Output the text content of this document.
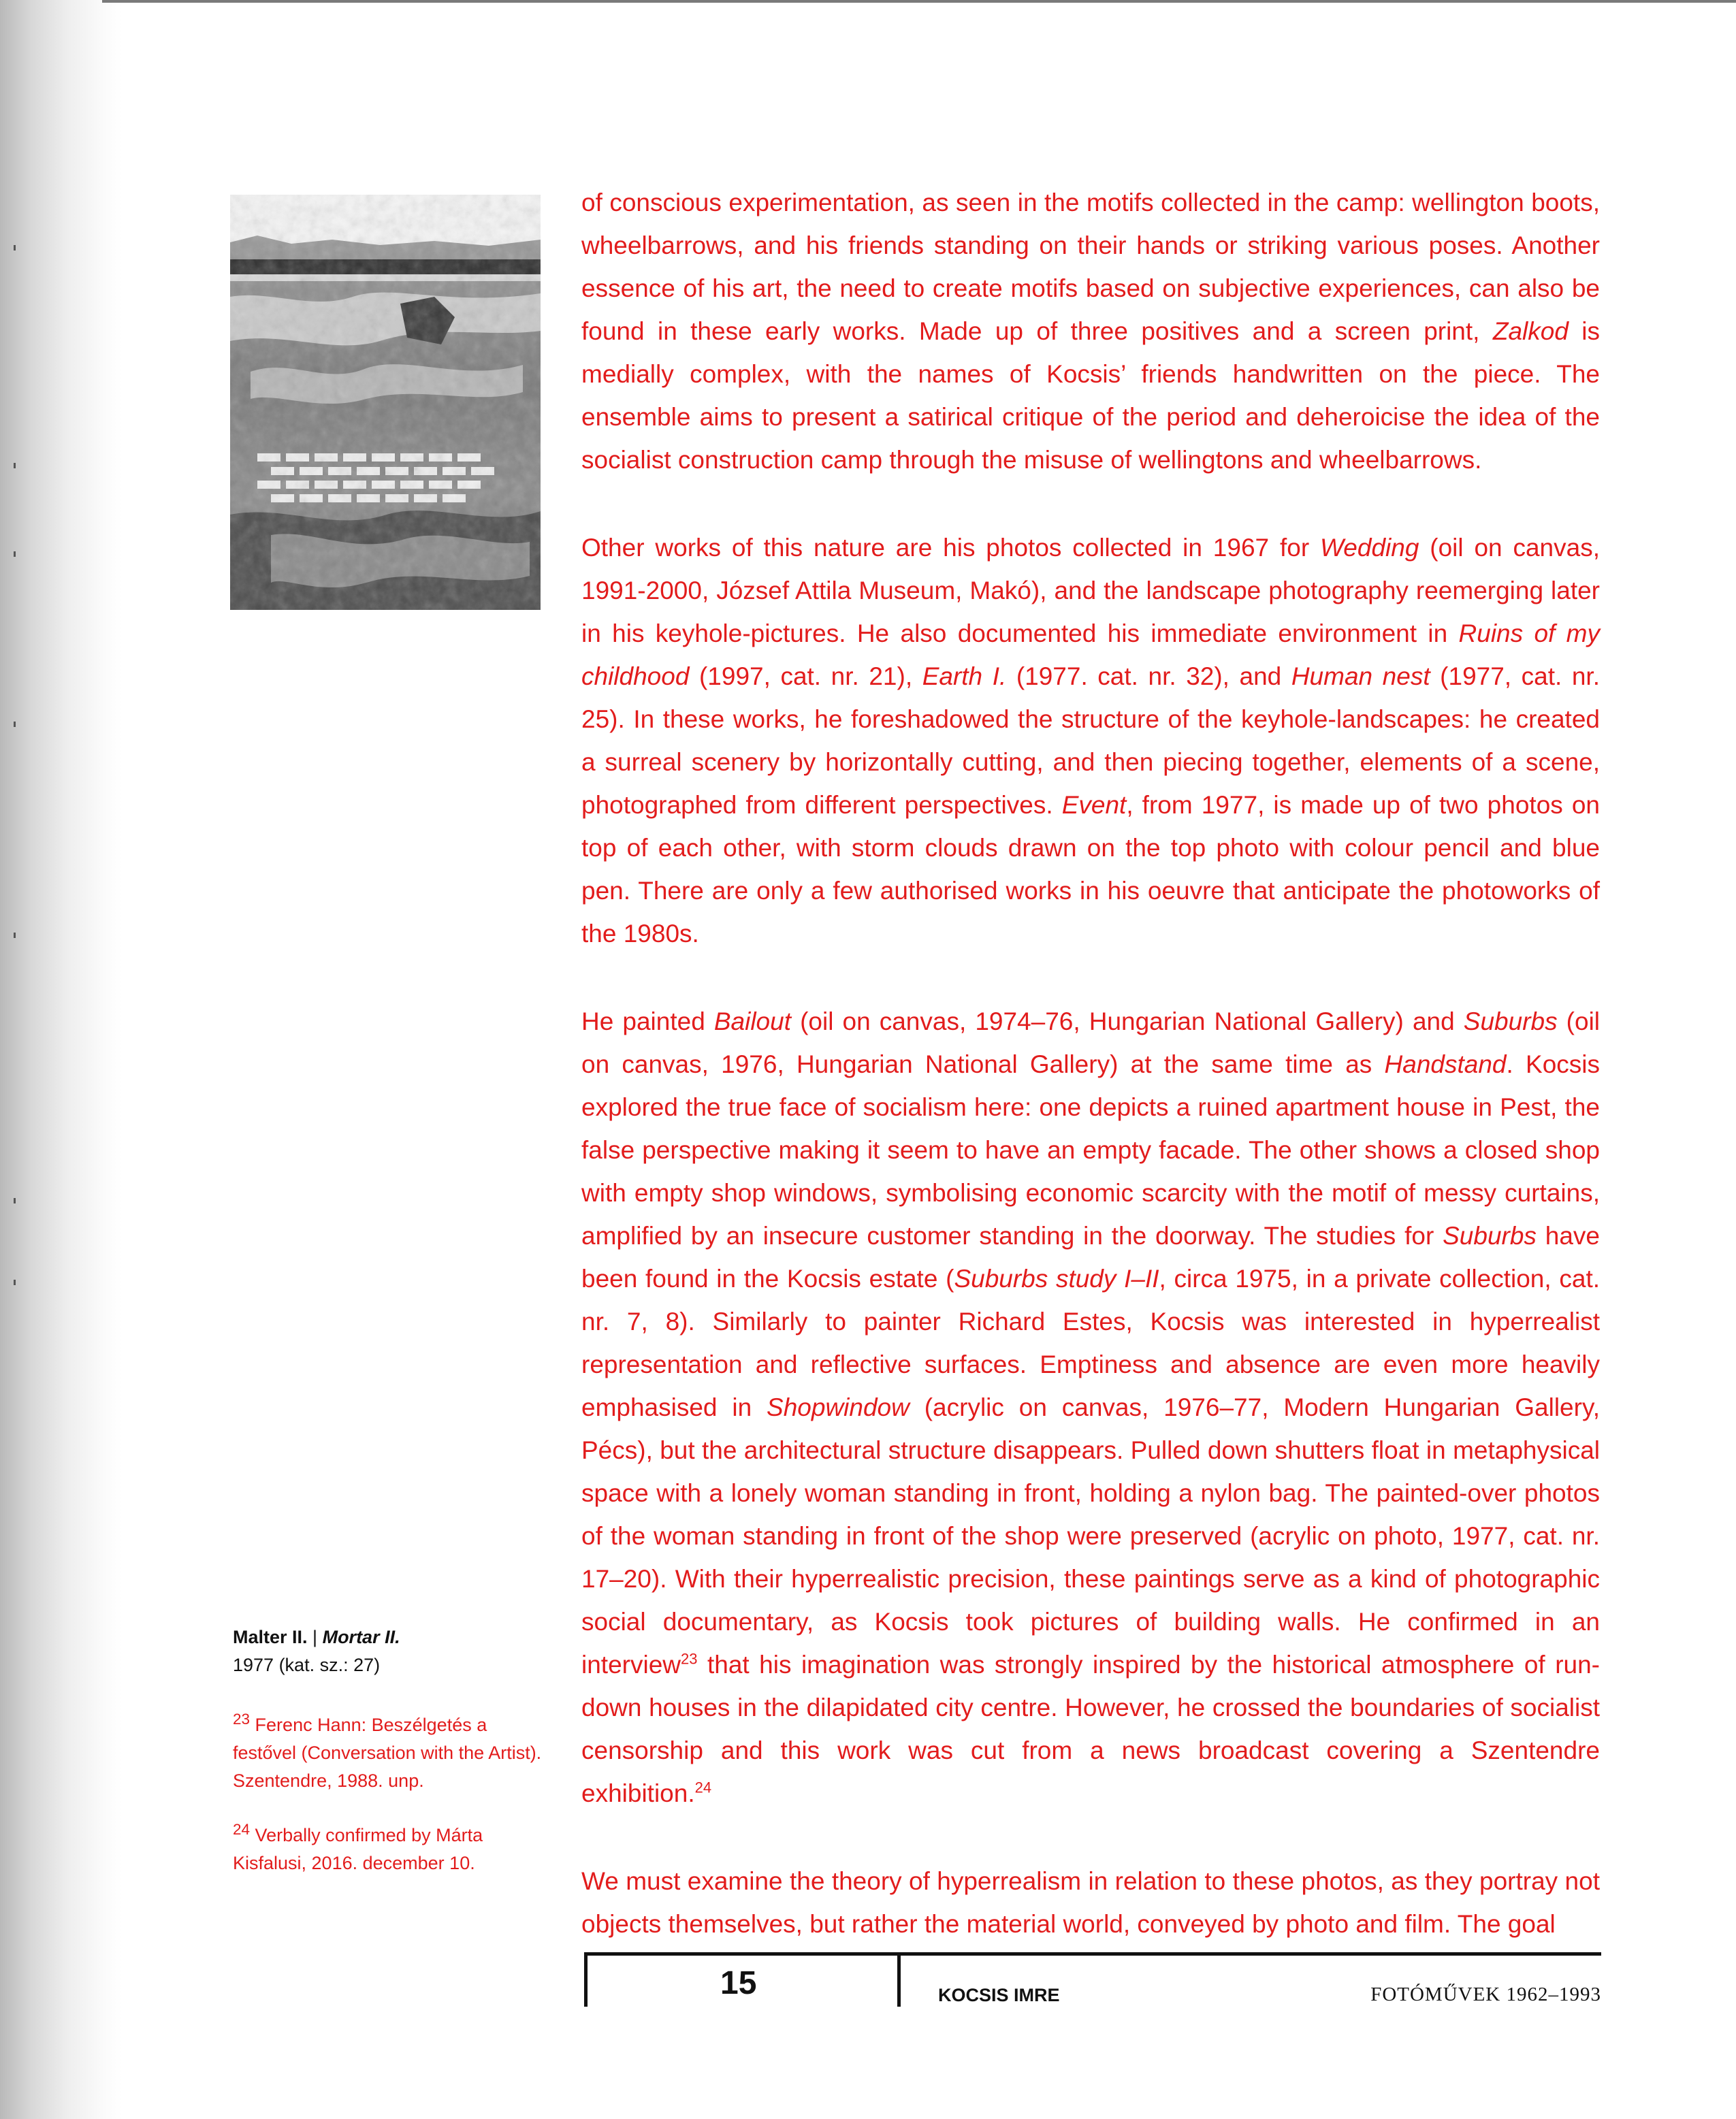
of conscious experimentation, as seen in the motifs collected in the camp: wellington boots, wheelbarrows, and his friends standing on their hands or striking various poses. Another essence of his art, the need to create motifs based on subjective experiences, can also be found in these early works. Made up of three positives and a screen print, Zalkod is medially complex, with the names of Kocsis’ friends handwritten on the piece. The ensemble aims to present a satirical critique of the period and deheroicise the idea of the socialist construction camp through the misuse of wellingtons and wheelbarrows.

Other works of this nature are his photos collected in 1967 for Wedding (oil on canvas, 1991-2000, József Attila Museum, Makó), and the landscape photography reemerging later in his keyhole-pictures. He also documented his immediate environment in Ruins of my childhood (1997, cat. nr. 21), Earth I. (1977. cat. nr. 32), and Human nest (1977, cat. nr. 25). In these works, he foreshadowed the structure of the keyhole-landscapes: he created a surreal scenery by horizontally cutting, and then piecing together, elements of a scene, photographed from different perspectives. Event, from 1977, is made up of two photos on top of each other, with storm clouds drawn on the top photo with colour pencil and blue pen. There are only a few authorised works in his oeuvre that anticipate the photoworks of the 1980s.

He painted Bailout (oil on canvas, 1974–76, Hungarian National Gallery) and Suburbs (oil on canvas, 1976, Hungarian National Gallery) at the same time as Handstand. Kocsis explored the true face of socialism here: one depicts a ruined apartment house in Pest, the false perspective making it seem to have an empty facade. The other shows a closed shop with empty shop windows, symbolising economic scarcity with the motif of messy curtains, amplified by an insecure customer standing in the doorway. The studies for Suburbs have been found in the Kocsis estate (Suburbs study I–II, circa 1975, in a private collection, cat. nr. 7, 8). Similarly to painter Richard Estes, Kocsis was interested in hyperrealist representation and reflective surfaces. Emptiness and absence are even more heavily emphasised in Shopwindow (acrylic on canvas, 1976–77, Modern Hungarian Gallery, Pécs), but the architectural structure disappears. Pulled down shutters float in metaphysical space with a lonely woman standing in front, holding a nylon bag. The painted-over photos of the woman standing in front of the shop were preserved (acrylic on photo, 1977, cat. nr. 17–20). With their hyperrealistic precision, these paintings serve as a kind of photographic social documentary, as Kocsis took pictures of building walls. He confirmed in an interview$^{23}$ that his imagination was strongly inspired by the historical atmosphere of run-down houses in the dilapidated city centre. However, he crossed the boundaries of socialist censorship and this work was cut from a news broadcast covering a Szentendre exhibition.$^{24}$

We must examine the theory of hyperrealism in relation to these photos, as they portray not objects themselves, but rather the material world, conveyed by photo and film. The goal

Malter II. | Mortar II.
1977 (kat. sz.: 27)
$^{23}$ Ferenc Hann: Beszélgetés a festővel (Conversation with the Artist). Szentendre, 1988. unp.
$^{24}$ Verbally confirmed by Márta Kisfalusi, 2016. december 10.
15	KOCSIS IMRE	FOTÓMŰVEK 1962–1993
